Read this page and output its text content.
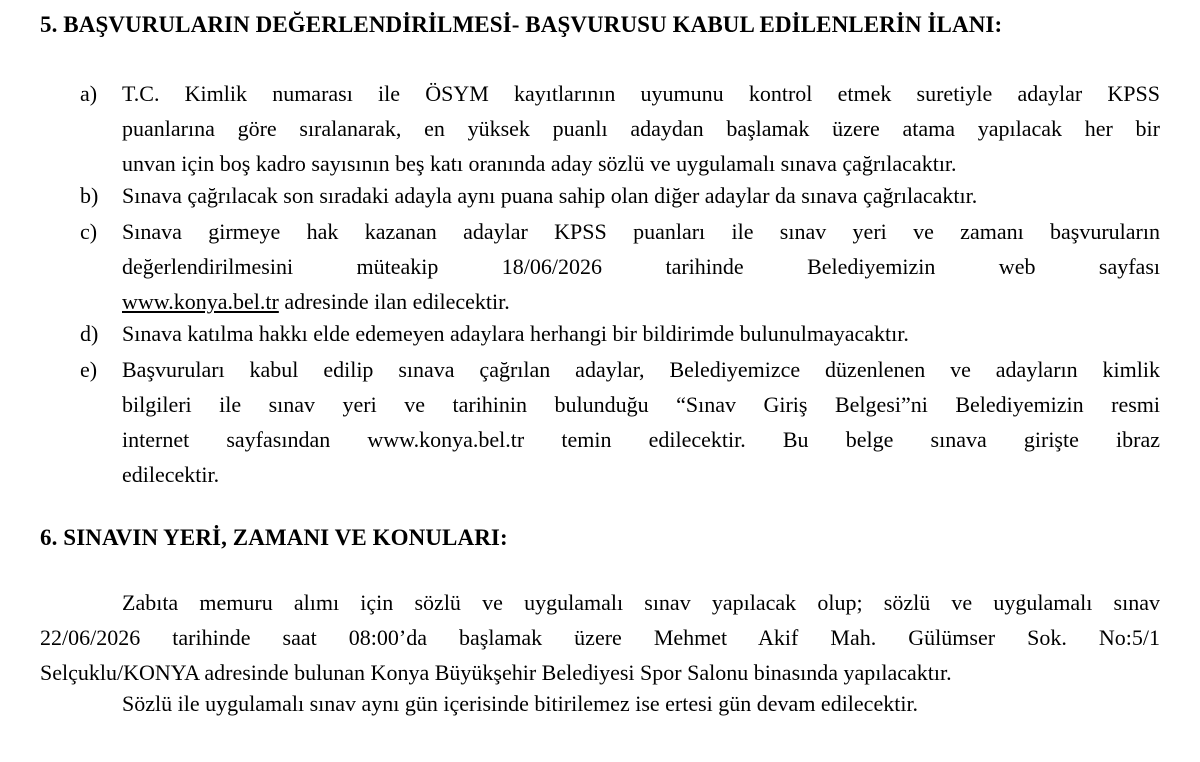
5. BAŞVURULARIN DEĞERLENDİRİLMESİ- BAŞVURUSU KABUL EDİLENLERİN İLANI:
a) T.C. Kimlik numarası ile ÖSYM kayıtlarının uyumunu kontrol etmek suretiyle adaylar KPSS
puanlarına göre sıralanarak, en yüksek puanlı adaydan başlamak üzere atama yapılacak her bir
unvan için boş kadro sayısının beş katı oranında aday sözlü ve uygulamalı sınava çağrılacaktır.
b) Sınava çağrılacak son sıradaki adayla aynı puana sahip olan diğer adaylar da sınava çağrılacaktır.
c) Sınava girmeye hak kazanan adaylar KPSS puanları ile sınav yeri ve zamanı başvuruların
değerlendirilmesini müteakip 18/06/2026 tarihinde Belediyemizin web sayfası
www.konya.bel.tr adresinde ilan edilecektir.
d) Sınava katılma hakkı elde edemeyen adaylara herhangi bir bildirimde bulunulmayacaktır.
e) Başvuruları kabul edilip sınava çağrılan adaylar, Belediyemizce düzenlenen ve adayların kimlik
bilgileri ile sınav yeri ve tarihinin bulunduğu “Sınav Giriş Belgesi”ni Belediyemizin resmi
internet sayfasından www.konya.bel.tr temin edilecektir. Bu belge sınava girişte ibraz
edilecektir.
6. SINAVIN YERİ, ZAMANI VE KONULARI:
Zabıta memuru alımı için sözlü ve uygulamalı sınav yapılacak olup; sözlü ve uygulamalı sınav
22/06/2026 tarihinde saat 08:00’da başlamak üzere Mehmet Akif Mah. Gülümser Sok. No:5/1
Selçuklu/KONYA adresinde bulunan Konya Büyükşehir Belediyesi Spor Salonu binasında yapılacaktır.
Sözlü ile uygulamalı sınav aynı gün içerisinde bitirilemez ise ertesi gün devam edilecektir.
